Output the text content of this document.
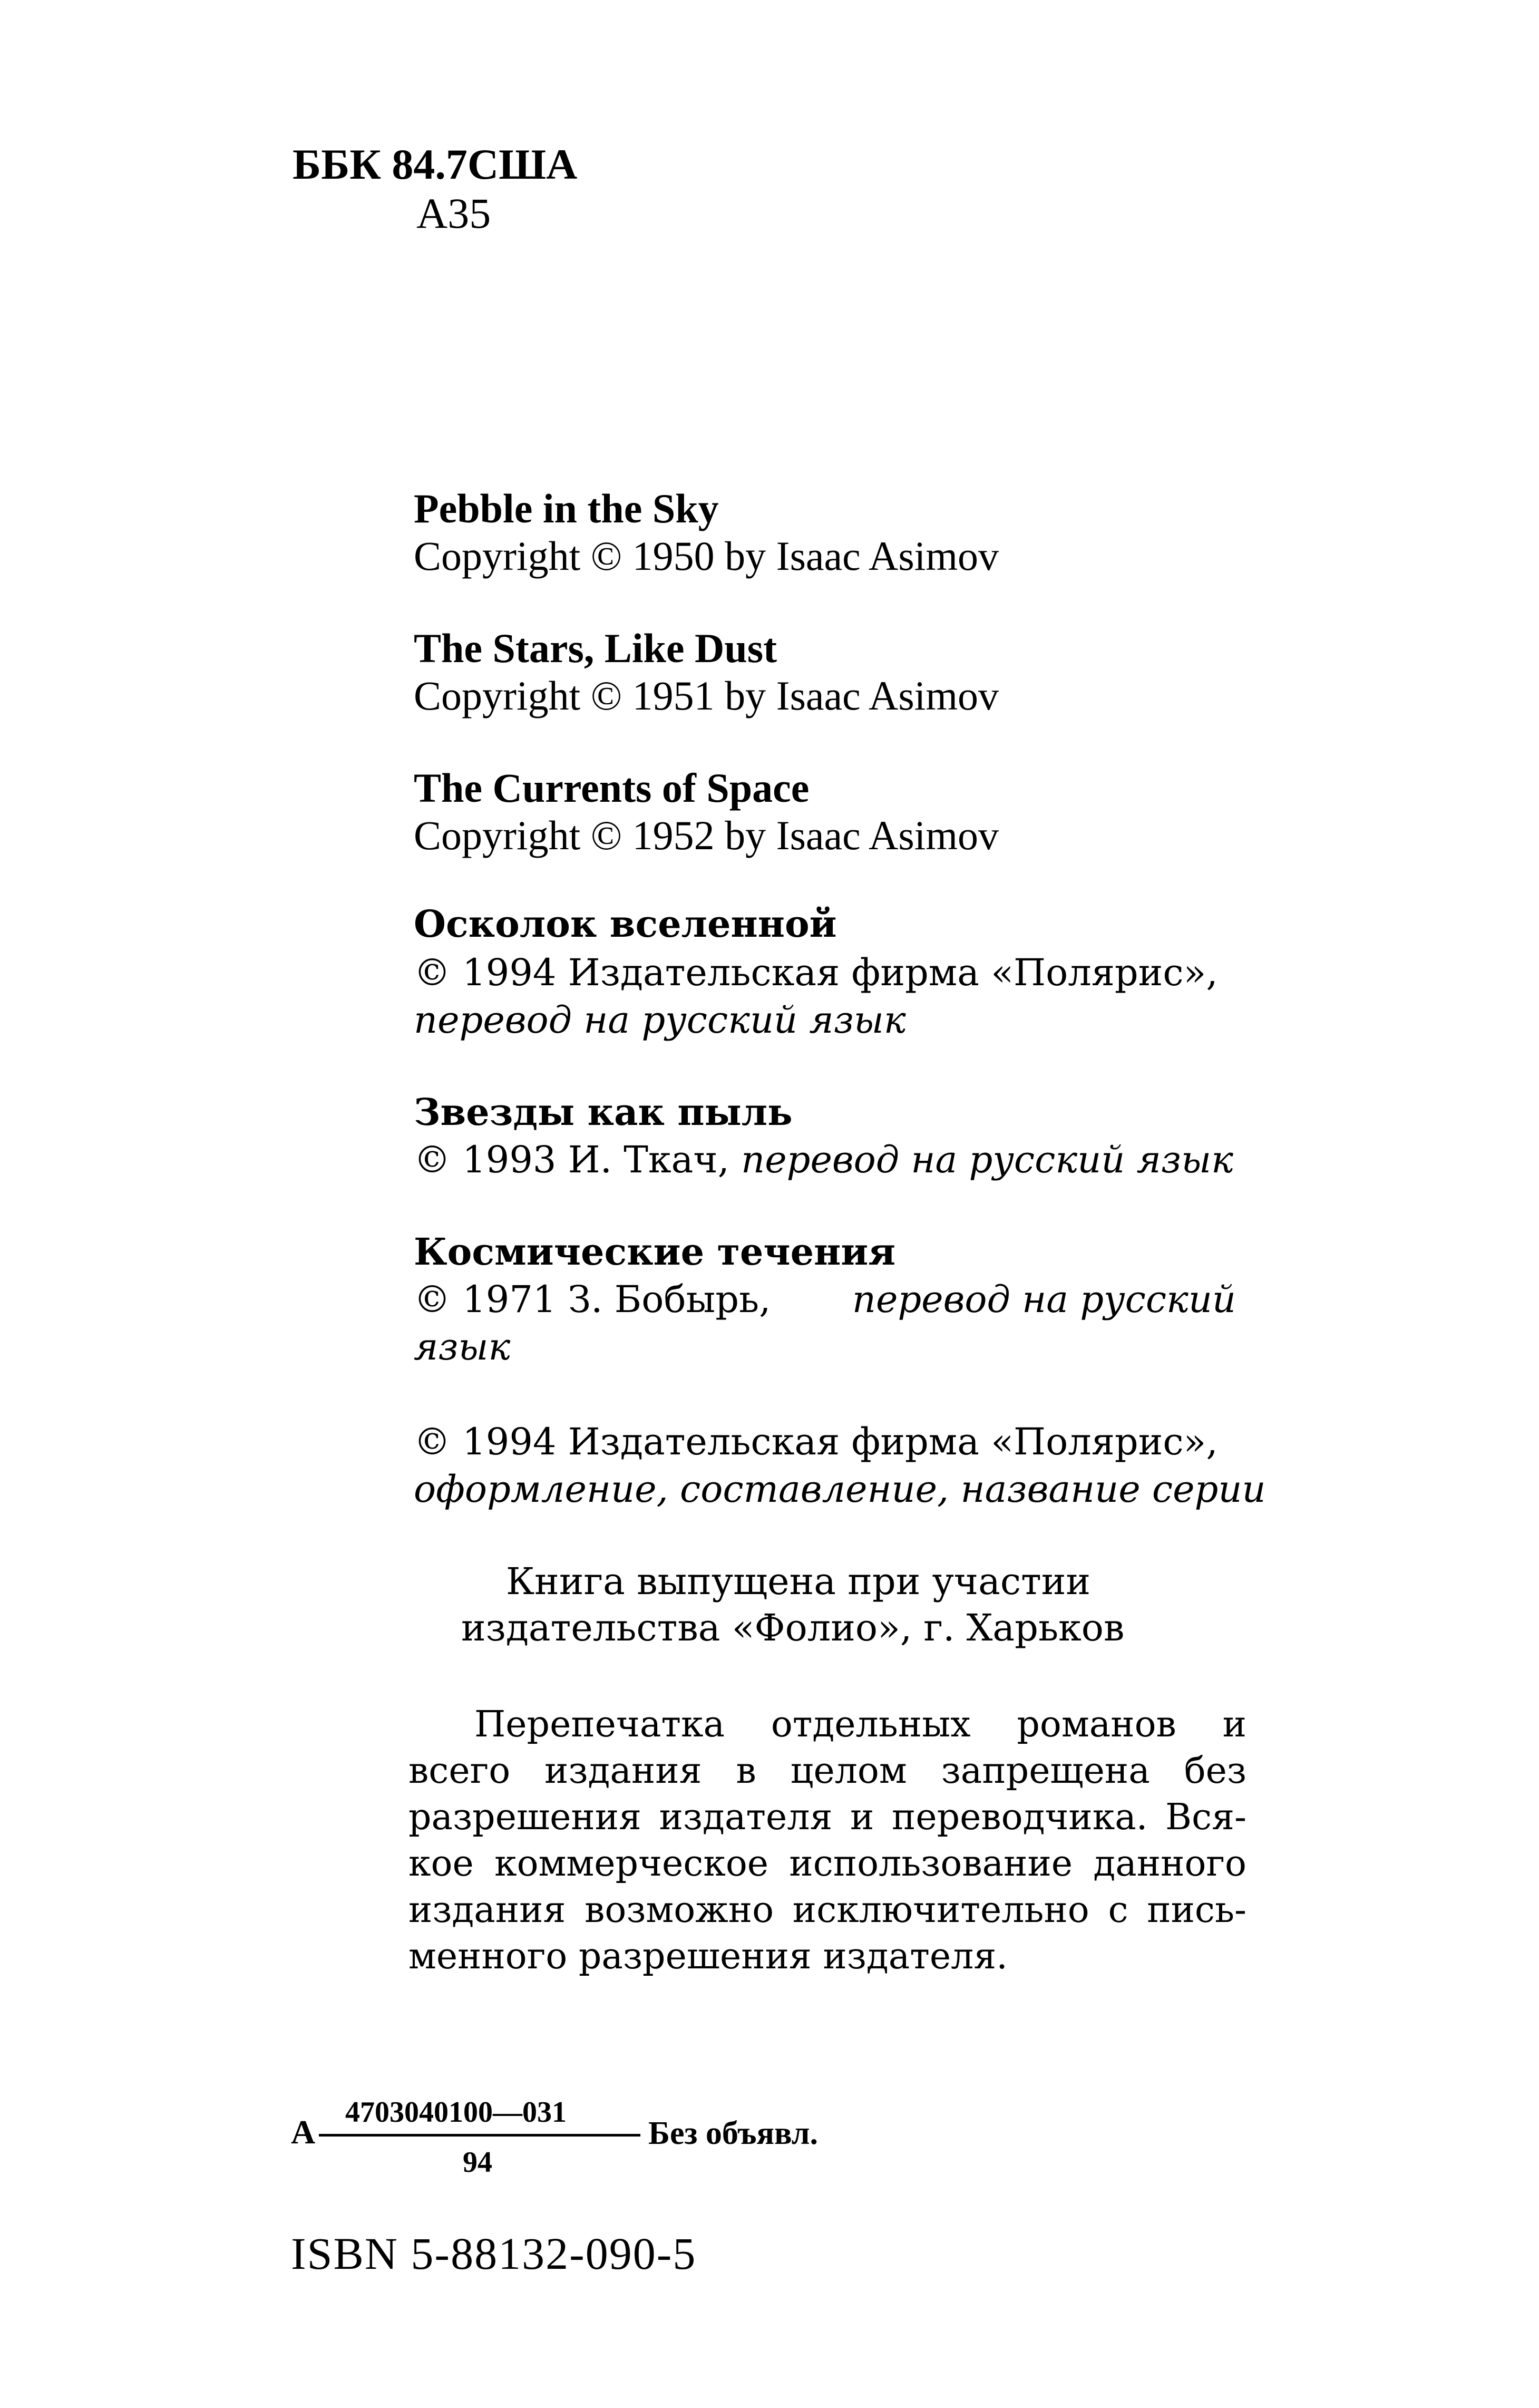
ББК 84.7США
А35
Pebble in the Sky
Copyright © 1950 by Isaac Asimov
The Stars, Like Dust
Copyright © 1951 by Isaac Asimov
The Currents of Space
Copyright © 1952 by Isaac Asimov
Осколок вселенной
© 1994 Издательская фирма «Полярис»,
перевод на русский язык
Звезды как пыль
© 1993 И. Ткач, перевод на русский язык
Космические течения
© 1971 З. Бобырь, перевод на русский
язык
© 1994 Издательская фирма «Полярис»,
оформление, составление, название серии
Книга выпущена при участии
издательства «Фолио», г. Харьков
Перепечатка отдельных романов и
всего издания в целом запрещена без
разрешения издателя и переводчика. Вся-
кое коммерческое использование данного
издания возможно исключительно с пись-
менного разрешения издателя.
А
4703040100—031
94
Без объявл.
ISBN 5-88132-090-5
